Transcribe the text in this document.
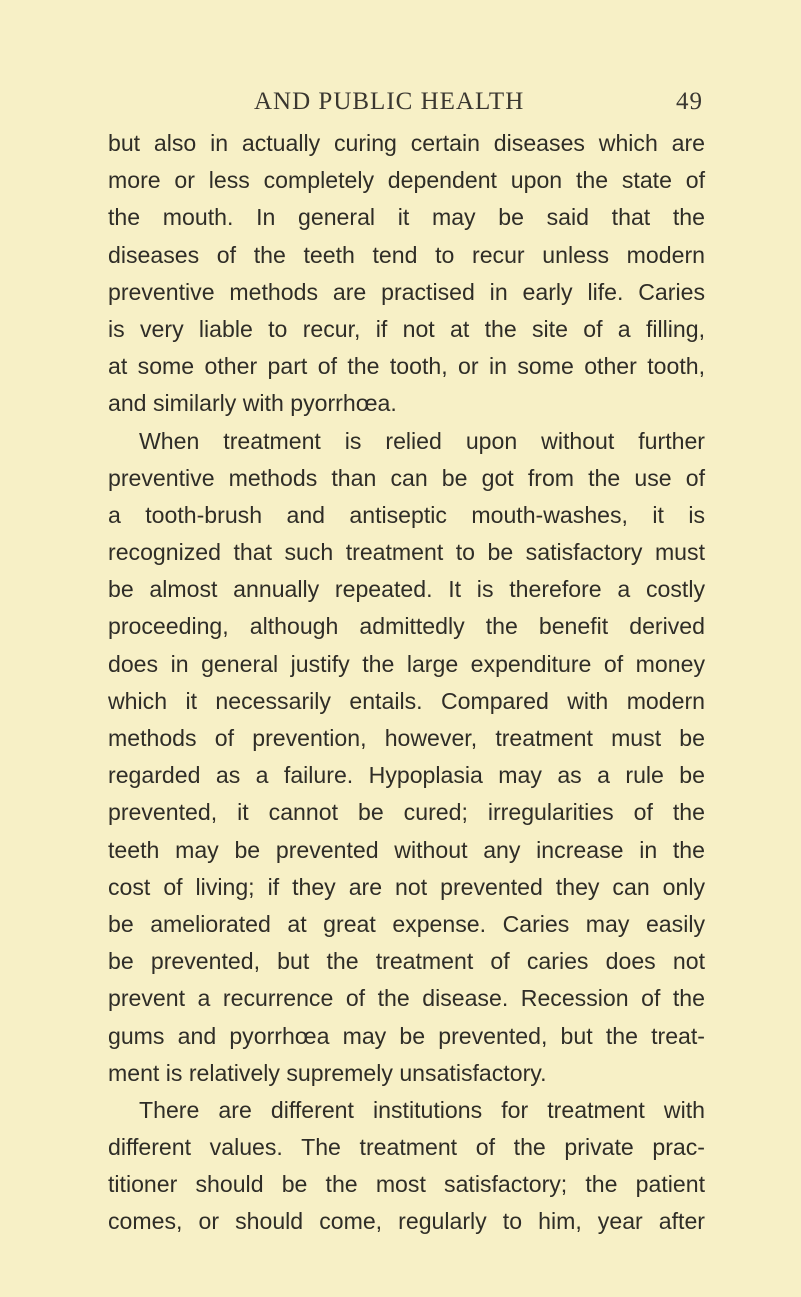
AND PUBLIC HEALTH	49
but also in actually curing certain diseases which are
more or less completely dependent upon the state of
the mouth. In general it may be said that the
diseases of the teeth tend to recur unless modern
preventive methods are practised in early life. Caries
is very liable to recur, if not at the site of a filling,
at some other part of the tooth, or in some other tooth,
and similarly with pyorrhœa.
When treatment is relied upon without further
preventive methods than can be got from the use of
a tooth-brush and antiseptic mouth-washes, it is
recognized that such treatment to be satisfactory must
be almost annually repeated. It is therefore a costly
proceeding, although admittedly the benefit derived
does in general justify the large expenditure of money
which it necessarily entails. Compared with modern
methods of prevention, however, treatment must be
regarded as a failure. Hypoplasia may as a rule be
prevented, it cannot be cured; irregularities of the
teeth may be prevented without any increase in the
cost of living; if they are not prevented they can only
be ameliorated at great expense. Caries may easily
be prevented, but the treatment of caries does not
prevent a recurrence of the disease. Recession of the
gums and pyorrhœa may be prevented, but the treat-
ment is relatively supremely unsatisfactory.
There are different institutions for treatment with
different values. The treatment of the private prac-
titioner should be the most satisfactory; the patient
comes, or should come, regularly to him, year after
